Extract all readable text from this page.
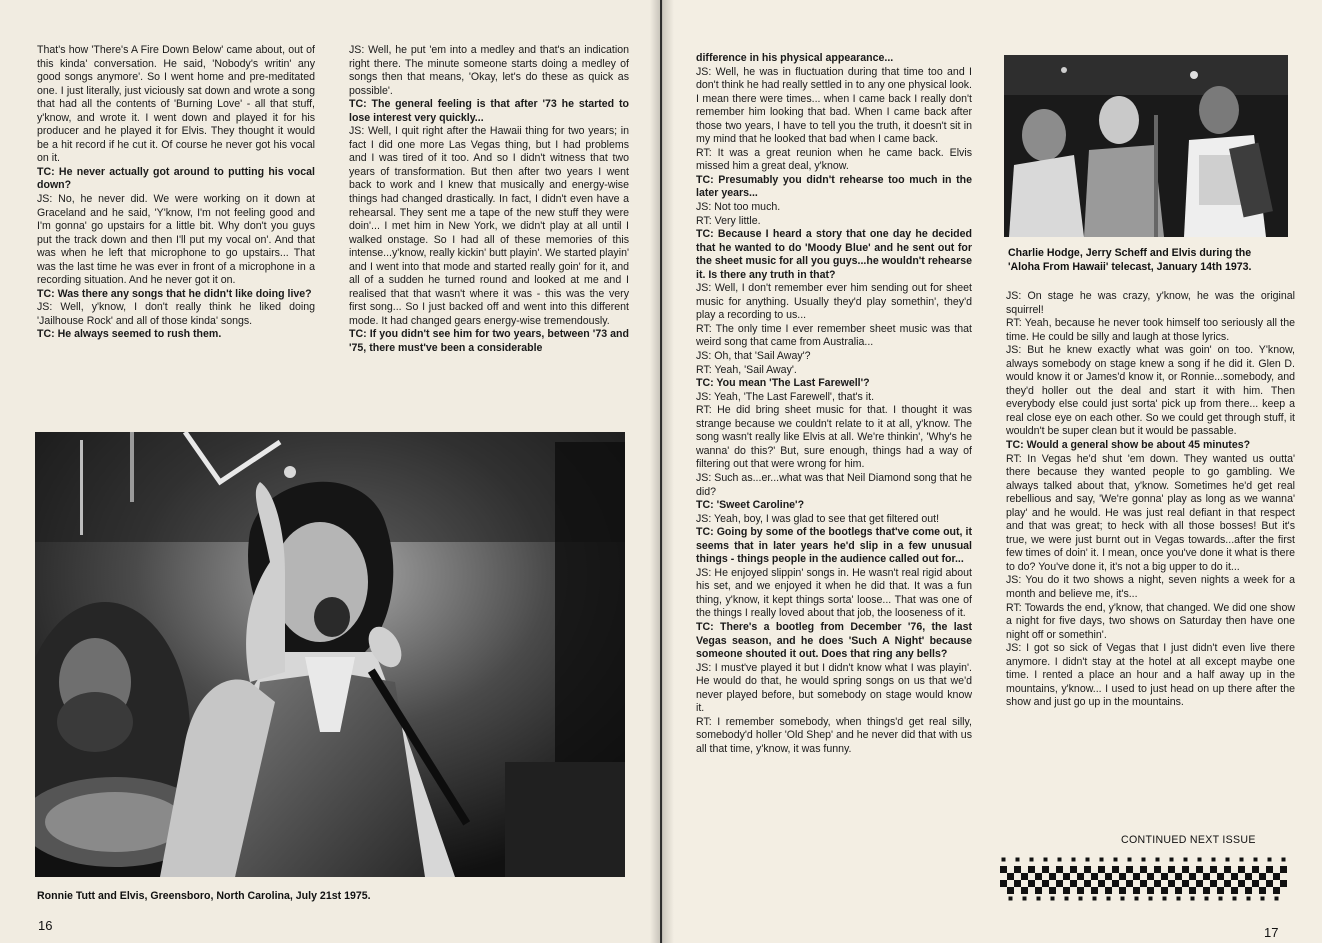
That's how 'There's A Fire Down Below' came about, out of this kinda' conversation. He said, 'Nobody's writin' any good songs anymore'. So I went home and pre-meditated one. I just literally, just viciously sat down and wrote a song that had all the contents of 'Burning Love' - all that stuff, y'know, and wrote it. I went down and played it for his producer and he played it for Elvis. They thought it would be a hit record if he cut it. Of course he never got his vocal on it.

TC: He never actually got around to putting his vocal down?

JS: No, he never did. We were working on it down at Graceland and he said, 'Y'know, I'm not feeling good and I'm gonna' go upstairs for a little bit. Why don't you guys put the track down and then I'll put my vocal on'. And that was when he left that microphone to go upstairs... That was the last time he was ever in front of a microphone in a recording situation. And he never got it on.

TC: Was there any songs that he didn't like doing live?

JS: Well, y'know, I don't really think he liked doing 'Jailhouse Rock' and all of those kinda' songs.

TC: He always seemed to rush them.

JS: Well, he put 'em into a medley and that's an indication right there. The minute someone starts doing a medley of songs then that means, 'Okay, let's do these as quick as possible'.

TC: The general feeling is that after '73 he started to lose interest very quickly...

JS: Well, I quit right after the Hawaii thing for two years; in fact I did one more Las Vegas thing, but I had problems and I was tired of it too. And so I didn't witness that two years of transformation. But then after two years I went back to work and I knew that musically and energy-wise things had changed drastically. In fact, I didn't even have a rehearsal. They sent me a tape of the new stuff they were doin'... I met him in New York, we didn't play at all until I walked onstage. So I had all of these memories of this intense...y'know, really kickin' butt playin'. We started playin' and I went into that mode and started really goin' for it, and all of a sudden he turned round and looked at me and I realised that that wasn't where it was - this was the very first song... So I just backed off and went into this different mode. It had changed gears energy-wise tremendously.

TC: If you didn't see him for two years, between '73 and '75, there must've been a considerable

Ronnie Tutt and Elvis, Greensboro, North Carolina, July 21st 1975.
16

difference in his physical appearance...

JS: Well, he was in fluctuation during that time too and I don't think he had really settled in to any one physical look. I mean there were times... when I came back I really don't remember him looking that bad. When I came back after those two years, I have to tell you the truth, it doesn't sit in my mind that he looked that bad when I came back.

RT: It was a great reunion when he came back. Elvis missed him a great deal, y'know.

TC: Presumably you didn't rehearse too much in the later years...

JS: Not too much.

RT: Very little.

TC: Because I heard a story that one day he decided that he wanted to do 'Moody Blue' and he sent out for the sheet music for all you guys...he wouldn't rehearse it. Is there any truth in that?

JS: Well, I don't remember ever him sending out for sheet music for anything. Usually they'd play somethin', they'd play a recording to us...

RT: The only time I ever remember sheet music was that weird song that came from Australia...

JS: Oh, that 'Sail Away'?

RT: Yeah, 'Sail Away'.

TC: You mean 'The Last Farewell'?

JS: Yeah, 'The Last Farewell', that's it.

RT: He did bring sheet music for that. I thought it was strange because we couldn't relate to it at all, y'know. The song wasn't really like Elvis at all. We're thinkin', 'Why's he wanna' do this?' But, sure enough, things had a way of filtering out that were wrong for him.

JS: Such as...er...what was that Neil Diamond song that he did?

TC: 'Sweet Caroline'?

JS: Yeah, boy, I was glad to see that get filtered out!

TC: Going by some of the bootlegs that've come out, it seems that in later years he'd slip in a few unusual things - things people in the audience called out for...

JS: He enjoyed slippin' songs in. He wasn't real rigid about his set, and we enjoyed it when he did that. It was a fun thing, y'know, it kept things sorta' loose... That was one of the things I really loved about that job, the looseness of it.

TC: There's a bootleg from December '76, the last Vegas season, and he does 'Such A Night' because someone shouted it out. Does that ring any bells?

JS: I must've played it but I didn't know what I was playin'. He would do that, he would spring songs on us that we'd never played before, but somebody on stage would know it.

RT: I remember somebody, when things'd get real silly, somebody'd holler 'Old Shep' and he never did that with us all that time, y'know, it was funny.

Charlie Hodge, Jerry Scheff and Elvis during the
'Aloha From Hawaii' telecast, January 14th 1973.

JS: On stage he was crazy, y'know, he was the original squirrel!

RT: Yeah, because he never took himself too seriously all the time. He could be silly and laugh at those lyrics.

JS: But he knew exactly what was goin' on too. Y'know, always somebody on stage knew a song if he did it. Glen D. would know it or James'd know it, or Ronnie...somebody, and they'd holler out the deal and start it with him. Then everybody else could just sorta' pick up from there... keep a real close eye on each other. So we could get through stuff, it wouldn't be super clean but it would be passable.

TC: Would a general show be about 45 minutes?

RT: In Vegas he'd shut 'em down. They wanted us outta' there because they wanted people to go gambling. We always talked about that, y'know. Sometimes he'd get real rebellious and say, 'We're gonna' play as long as we wanna' play' and he would. He was just real defiant in that respect and that was great; to heck with all those bosses! But it's true, we were just burnt out in Vegas towards...after the first few times of doin' it. I mean, once you've done it what is there to do? You've done it, it's not a big upper to do it...

JS: You do it two shows a night, seven nights a week for a month and believe me, it's...

RT: Towards the end, y'know, that changed. We did one show a night for five days, two shows on Saturday then have one night off or somethin'.

JS: I got so sick of Vegas that I just didn't even live there anymore. I didn't stay at the hotel at all except maybe one time. I rented a place an hour and a half away up in the mountains, y'know... I used to just head on up there after the show and just go up in the mountains.

CONTINUED NEXT ISSUE
17
